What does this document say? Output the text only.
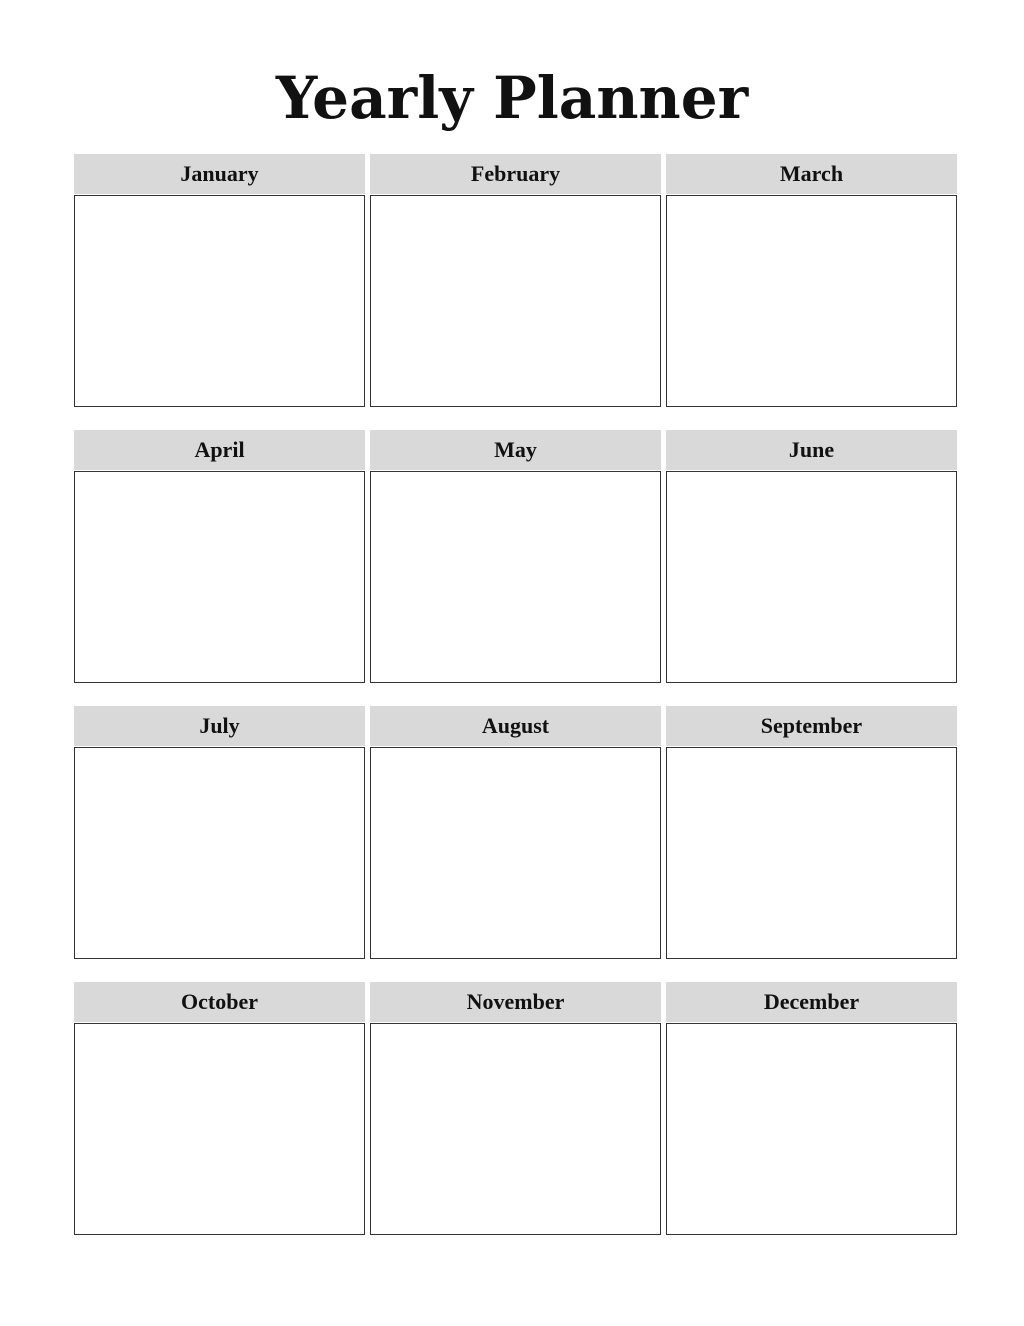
Yearly Planner
January	February	March
April	May	June
July	August	September
October	November	December
